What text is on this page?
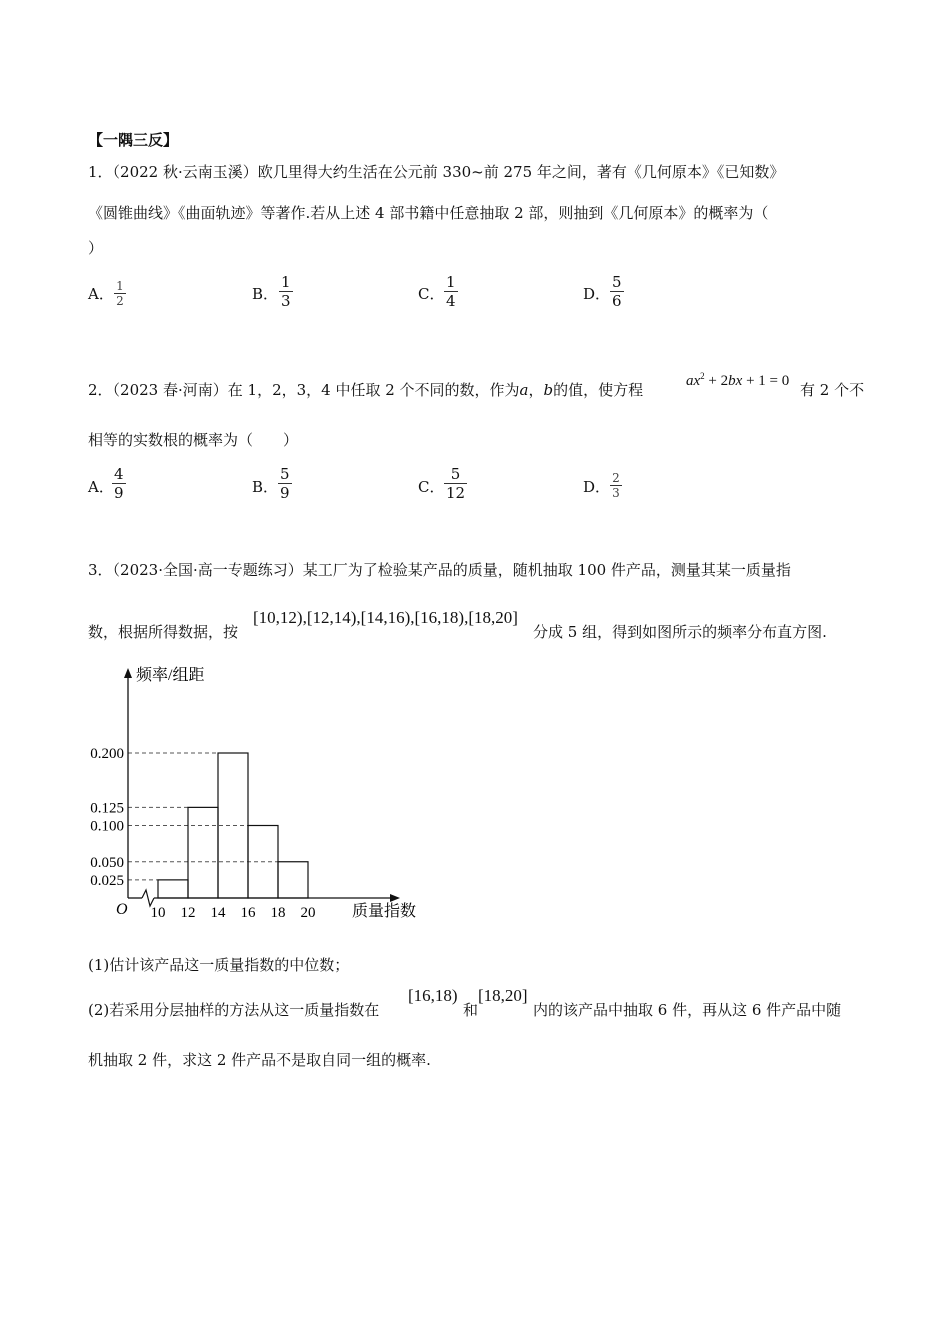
【一隅三反】
1．（2022 秋·云南玉溪）欧几里得大约生活在公元前 330~前 275 年之间，著有《几何原本》《已知数》
《圆锥曲线》《曲面轨迹》等著作.若从上述 4 部书籍中任意抽取 2 部，则抽到《几何原本》的概率为（
）
A． 1
2	B．
1
3	C．
1
4	D．
5
6
2．（2023 春·河南）在 1，2，3，4 中任取 2 个不同的数，作为a，b的值，使方程	$ax^2 + 2bx + 1 = 0$ 有 2 个不
相等的实数根的概率为（　　）
A．
4
9	B．
5
9	C．
5
12	D． 2
3
3．（2023·全国·高一专题练习）某工厂为了检验某产品的质量，随机抽取 100 件产品，测量其某一质量指
数，根据所得数据，按
[10,12),[12,14),[14,16),[16,18),[18,20]
分成 5 组，得到如图所示的频率分布直方图.
频率/组距
质量指数
O
0.025
0.050
0.100
0.125
0.200
10 12 14 16 18 20
(1)估计该产品这一质量指数的中位数；
(2)若采用分层抽样的方法从这一质量指数在
[16,18)
和
[18,20]
内的该产品中抽取 6 件，再从这 6 件产品中随
机抽取 2 件，求这 2 件产品不是取自同一组的概率.
